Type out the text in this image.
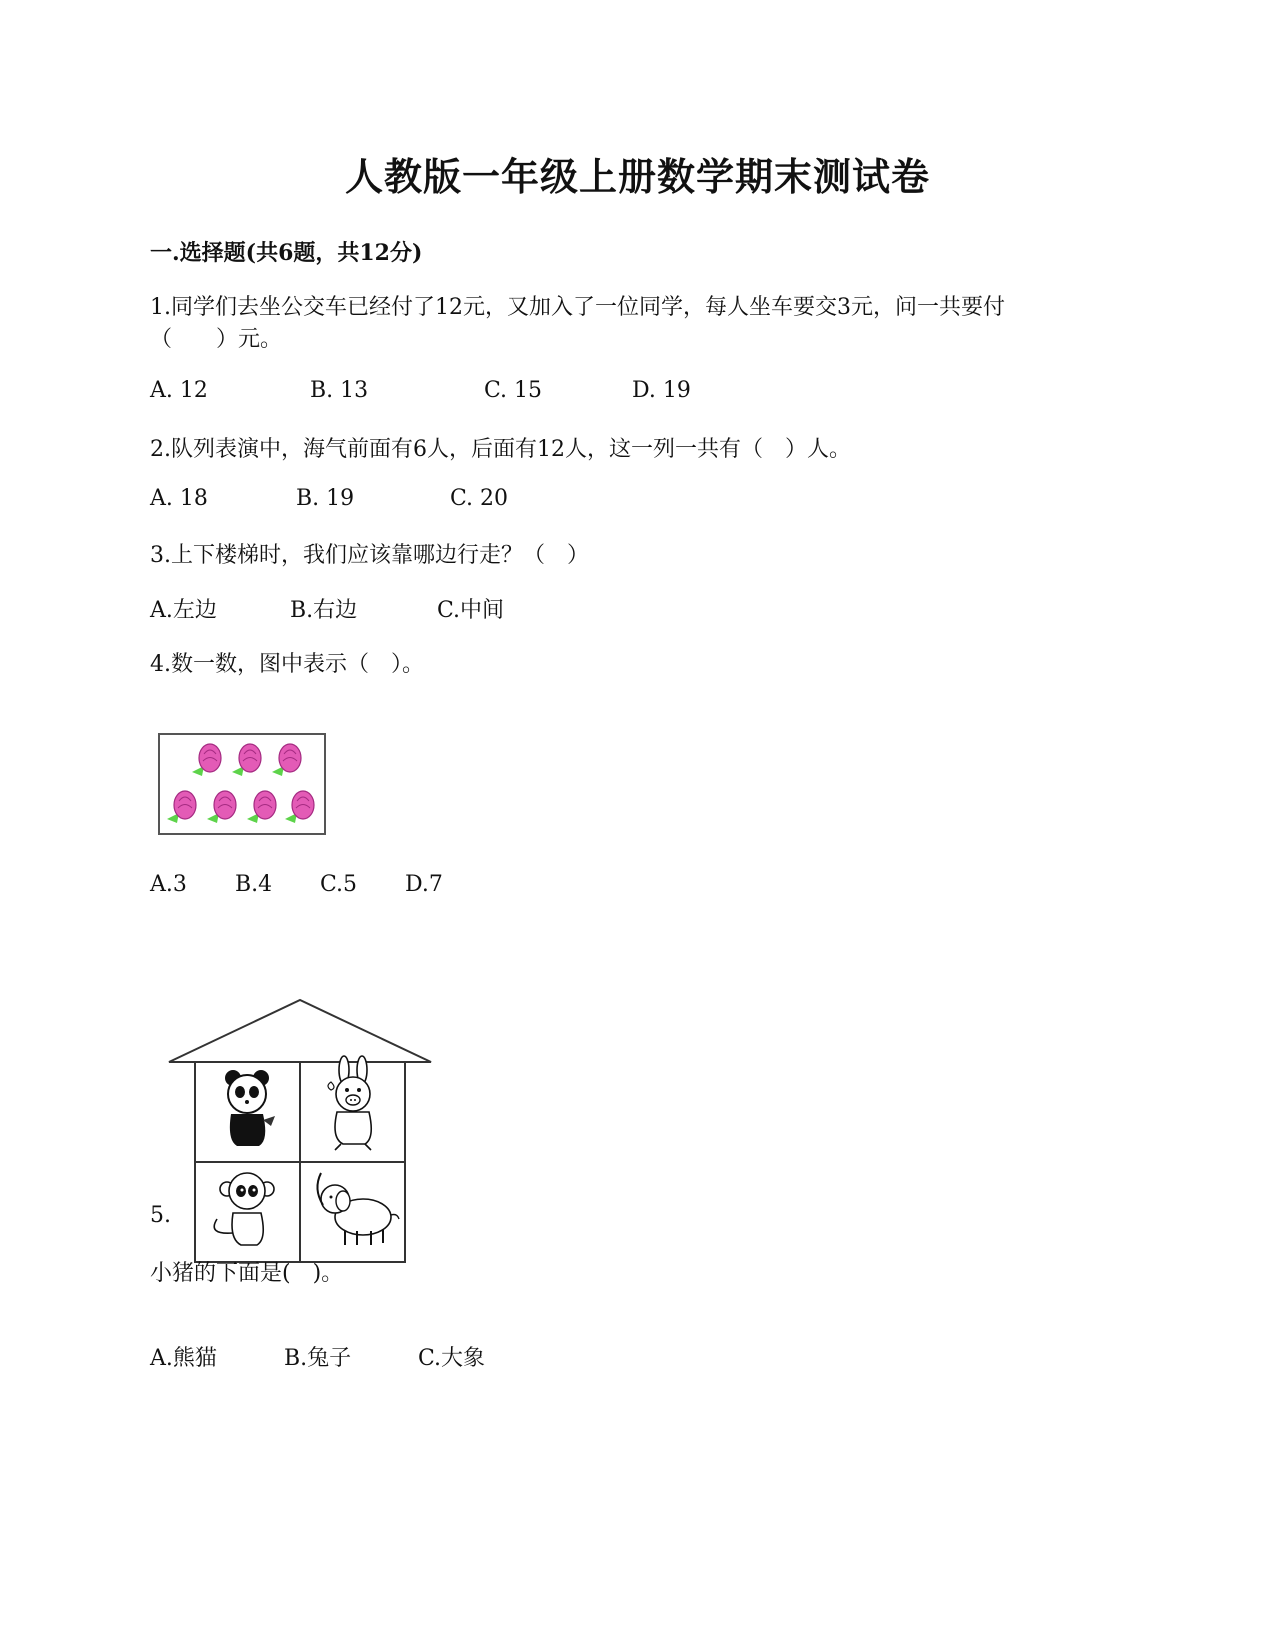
人教版一年级上册数学期末测试卷
一.选择题(共6题，共12分)
1.同学们去坐公交车已经付了12元，又加入了一位同学，每人坐车要交3元，问一共要付
（　　）元。
A. 12	B. 13	C. 15	D. 19
2.队列表演中，海气前面有6人，后面有12人，这一列一共有（　）人。
A. 18	B. 19	C. 20
3.上下楼梯时，我们应该靠哪边行走？（　）
A.左边	B.右边	C.中间
4.数一数，图中表示（　）。
A.3 B.4 C.5 D.7
5.
小猪的下面是(　)。
A.熊猫	B.兔子	C.大象
